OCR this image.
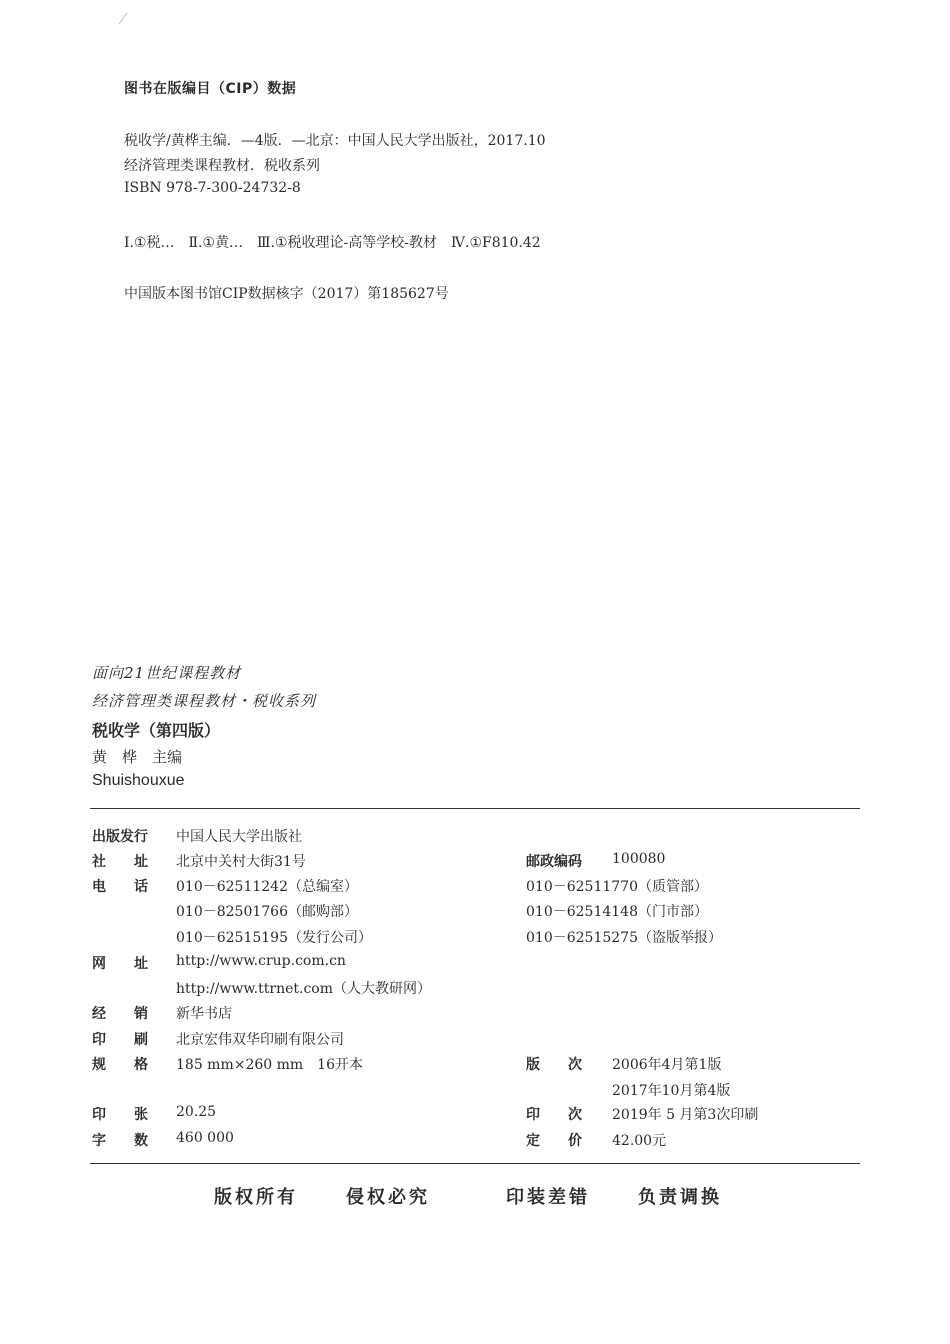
图书在版编目（CIP）数据
税收学/黄桦主编．—4版．—北京：中国人民大学出版社，2017.10
经济管理类课程教材．税收系列
ISBN 978-7-300-24732-8
Ⅰ.①税…　Ⅱ.①黄…　Ⅲ.①税收理论-高等学校-教材　Ⅳ.①F810.42
中国版本图书馆CIP数据核字（2017）第185627号
面向21世纪课程教材
经济管理类课程教材・税收系列
税收学（第四版）
黄　桦　主编
Shuishouxue
出版发行 中国人民大学出版社
社　　址 北京中关村大街31号	邮政编码 100080
电　　话 010－62511242（总编室）	010－62511770（质管部）
010－82501766（邮购部）	010－62514148（门市部）
010－62515195（发行公司）	010－62515275（盗版举报）
网　　址 http://www.crup.com.cn
http://www.ttrnet.com（人大教研网）
经　　销 新华书店
印　　刷 北京宏伟双华印刷有限公司
规　　格 185 mm×260 mm　16开本	版　　次 2006年4月第1版
2017年10月第4版
印　　张 20.25	印　　次 2019年 5 月第3次印刷
字　　数 460 000	定　　价 42.00元
版权所有	侵权必究	印装差错	负责调换
